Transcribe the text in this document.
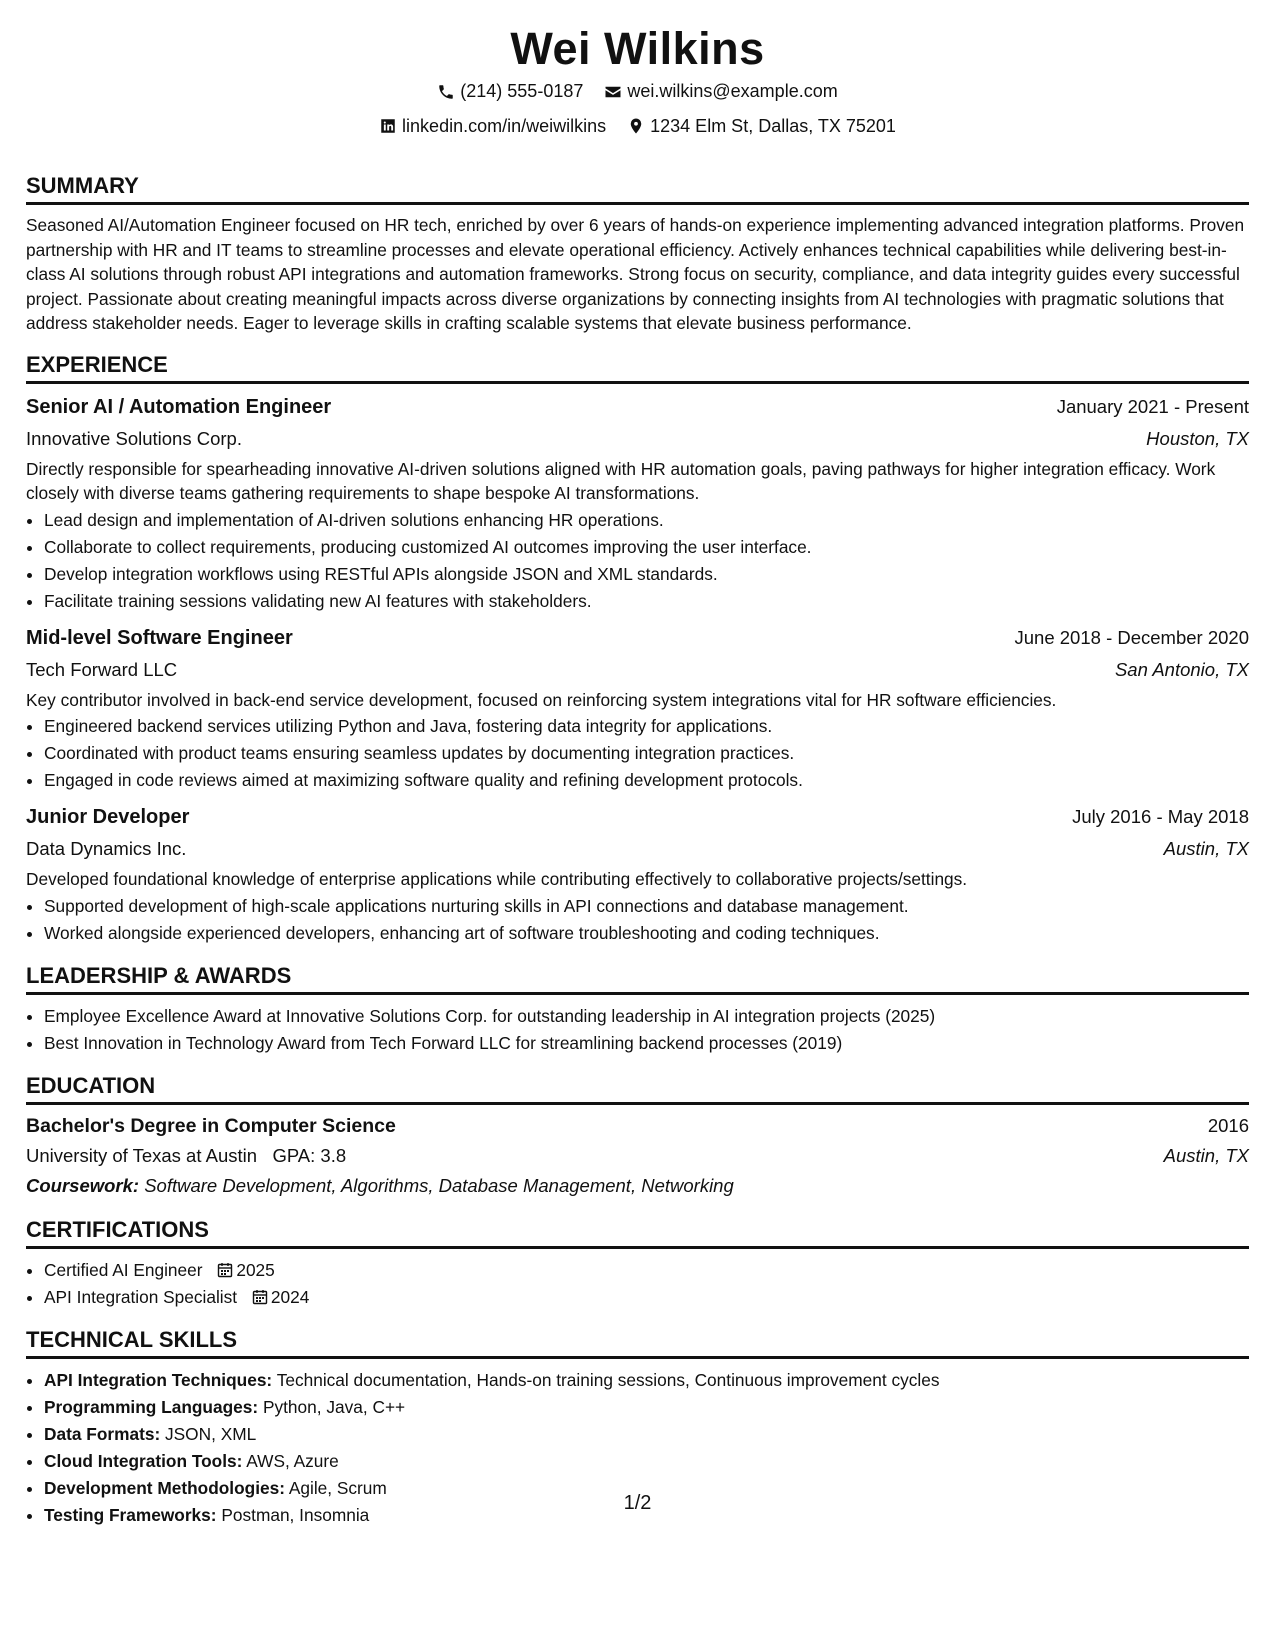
Wei Wilkins
(214) 555-0187
wei.wilkins@example.com
linkedin.com/in/weiwilkins
1234 Elm St, Dallas, TX 75201
SUMMARY
Seasoned AI/Automation Engineer focused on HR tech, enriched by over 6 years of hands-on experience implementing advanced integration platforms. Proven partnership with HR and IT teams to streamline processes and elevate operational efficiency. Actively enhances technical capabilities while delivering best-in-class AI solutions through robust API integrations and automation frameworks. Strong focus on security, compliance, and data integrity guides every successful project. Passionate about creating meaningful impacts across diverse organizations by connecting insights from AI technologies with pragmatic solutions that address stakeholder needs. Eager to leverage skills in crafting scalable systems that elevate business performance.
EXPERIENCE
Senior AI / Automation Engineer	January 2021 - Present
Innovative Solutions Corp.	Houston, TX
Directly responsible for spearheading innovative AI-driven solutions aligned with HR automation goals, paving pathways for higher integration efficacy. Work closely with diverse teams gathering requirements to shape bespoke AI transformations.
• Lead design and implementation of AI-driven solutions enhancing HR operations.
• Collaborate to collect requirements, producing customized AI outcomes improving the user interface.
• Develop integration workflows using RESTful APIs alongside JSON and XML standards.
• Facilitate training sessions validating new AI features with stakeholders.
Mid-level Software Engineer	June 2018 - December 2020
Tech Forward LLC	San Antonio, TX
Key contributor involved in back-end service development, focused on reinforcing system integrations vital for HR software efficiencies.
• Engineered backend services utilizing Python and Java, fostering data integrity for applications.
• Coordinated with product teams ensuring seamless updates by documenting integration practices.
• Engaged in code reviews aimed at maximizing software quality and refining development protocols.
Junior Developer	July 2016 - May 2018
Data Dynamics Inc.	Austin, TX
Developed foundational knowledge of enterprise applications while contributing effectively to collaborative projects/settings.
• Supported development of high-scale applications nurturing skills in API connections and database management.
• Worked alongside experienced developers, enhancing art of software troubleshooting and coding techniques.
LEADERSHIP & AWARDS
• Employee Excellence Award at Innovative Solutions Corp. for outstanding leadership in AI integration projects (2025)
• Best Innovation in Technology Award from Tech Forward LLC for streamlining backend processes (2019)
EDUCATION
Bachelor's Degree in Computer Science	2016
University of Texas at Austin GPA: 3.8	Austin, TX
Coursework: Software Development, Algorithms, Database Management, Networking
CERTIFICATIONS
• Certified AI Engineer 2025
• API Integration Specialist 2024
TECHNICAL SKILLS
• API Integration Techniques: Technical documentation, Hands-on training sessions, Continuous improvement cycles
• Programming Languages: Python, Java, C++
• Data Formats: JSON, XML
• Cloud Integration Tools: AWS, Azure
• Development Methodologies: Agile, Scrum
• Testing Frameworks: Postman, Insomnia
1/2
